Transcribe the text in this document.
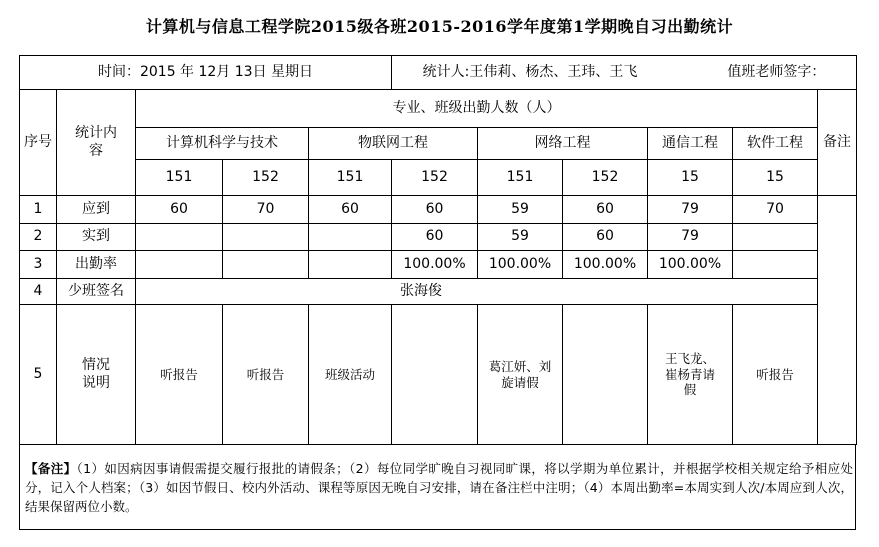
计算机与信息工程学院2015级各班2015-2016学年度第1学期晚自习出勤统计
时间：2015 年 12月 13日 星期日					统计人:王伟莉、杨杰、王玮、王飞 值班老师签字：					
序号	统计内容	专业、班级出勤人数（人）								备注
		计算机科学与技术		物联网工程		网络工程		通信工程	软件工程	
		151	152	151	152	151	152	15	15	
1	应到	60	70	60	60	59	60	79	70	
2	实到				60	59	60	79		
3	出勤率				100.00%	100.00%	100.00%	100.00%		
4	少班签名	张海俊								
5	情况说明	听报告	听报告	班级活动		葛江妍、刘旋请假		王飞龙、崔杨青请假	听报告	
【备注】（1）如因病因事请假需提交履行报批的请假条；（2）每位同学旷晚自习视同旷课，将以学期为单位累计，并根据学校相关规定给予相应处分，记入个人档案；（3）如因节假日、校内外活动、课程等原因无晚自习安排，请在备注栏中注明；（4）本周出勤率=本周实到人次/本周应到人次，结果保留两位小数。
